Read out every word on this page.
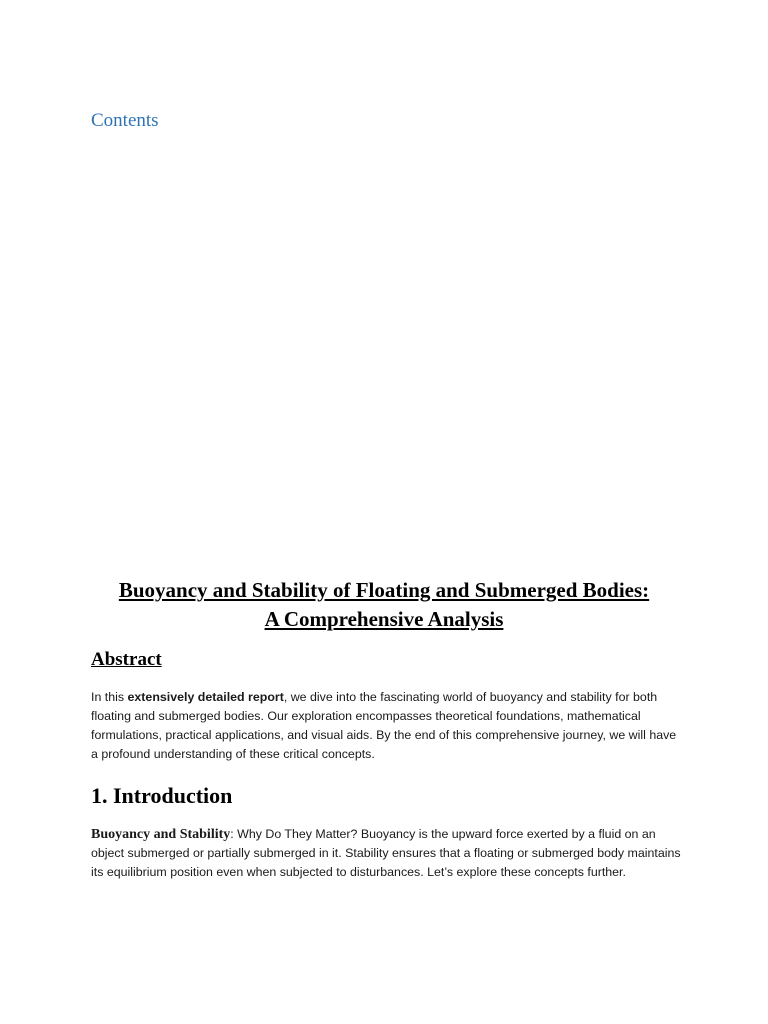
Contents
Buoyancy and Stability of Floating and Submerged Bodies:
A Comprehensive Analysis
Abstract
In this extensively detailed report, we dive into the fascinating world of buoyancy and stability for both floating and submerged bodies. Our exploration encompasses theoretical foundations, mathematical formulations, practical applications, and visual aids. By the end of this comprehensive journey, we will have a profound understanding of these critical concepts.
1. Introduction
Buoyancy and Stability: Why Do They Matter? Buoyancy is the upward force exerted by a fluid on an object submerged or partially submerged in it. Stability ensures that a floating or submerged body maintains its equilibrium position even when subjected to disturbances. Let’s explore these concepts further.
